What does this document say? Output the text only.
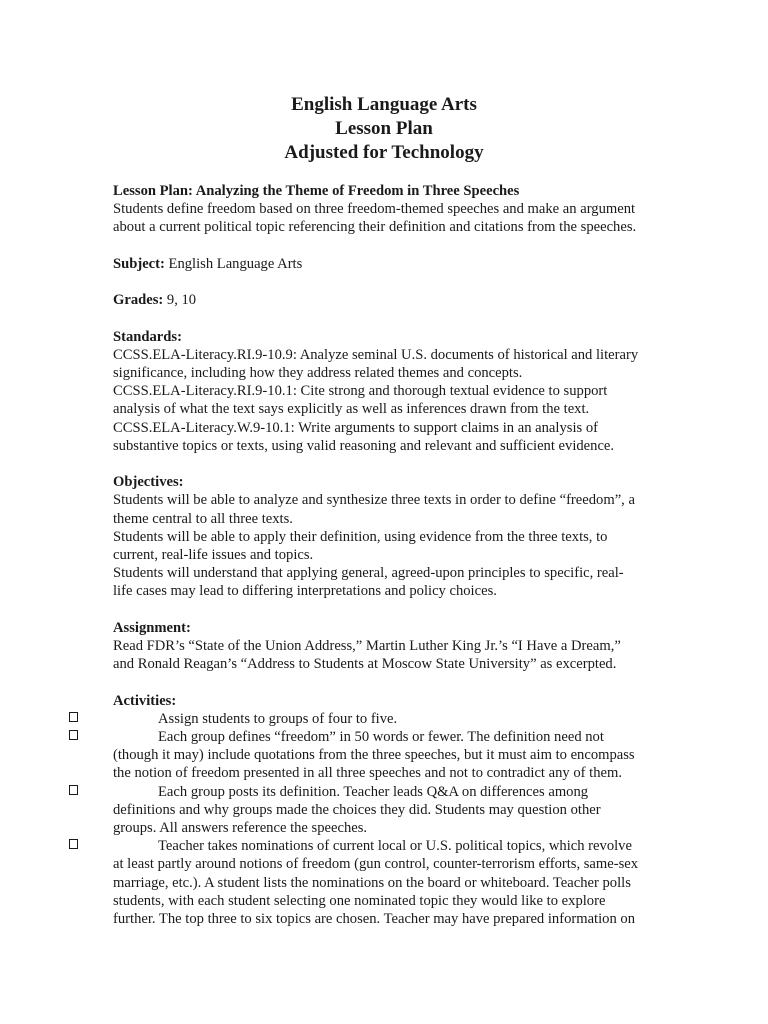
English Language Arts
Lesson Plan
Adjusted for Technology
Lesson Plan: Analyzing the Theme of Freedom in Three Speeches
Students define freedom based on three freedom-themed speeches and make an argument
about a current political topic referencing their definition and citations from the speeches.
Subject: English Language Arts
Grades: 9, 10
Standards:
CCSS.ELA-Literacy.RI.9-10.9: Analyze seminal U.S. documents of historical and literary
significance, including how they address related themes and concepts.
CCSS.ELA-Literacy.RI.9-10.1: Cite strong and thorough textual evidence to support
analysis of what the text says explicitly as well as inferences drawn from the text.
CCSS.ELA-Literacy.W.9-10.1: Write arguments to support claims in an analysis of
substantive topics or texts, using valid reasoning and relevant and sufficient evidence.
Objectives:
Students will be able to analyze and synthesize three texts in order to define “freedom”, a
theme central to all three texts.
Students will be able to apply their definition, using evidence from the three texts, to
current, real-life issues and topics.
Students will understand that applying general, agreed-upon principles to specific, real-
life cases may lead to differing interpretations and policy choices.
Assignment:
Read FDR’s “State of the Union Address,” Martin Luther King Jr.’s “I Have a Dream,”
and Ronald Reagan’s “Address to Students at Moscow State University” as excerpted.
Activities:
Assign students to groups of four to five.
Each group defines “freedom” in 50 words or fewer. The definition need not
(though it may) include quotations from the three speeches, but it must aim to encompass
the notion of freedom presented in all three speeches and not to contradict any of them.
Each group posts its definition. Teacher leads Q&A on differences among
definitions and why groups made the choices they did. Students may question other
groups. All answers reference the speeches.
Teacher takes nominations of current local or U.S. political topics, which revolve
at least partly around notions of freedom (gun control, counter-terrorism efforts, same-sex
marriage, etc.). A student lists the nominations on the board or whiteboard. Teacher polls
students, with each student selecting one nominated topic they would like to explore
further. The top three to six topics are chosen. Teacher may have prepared information on
